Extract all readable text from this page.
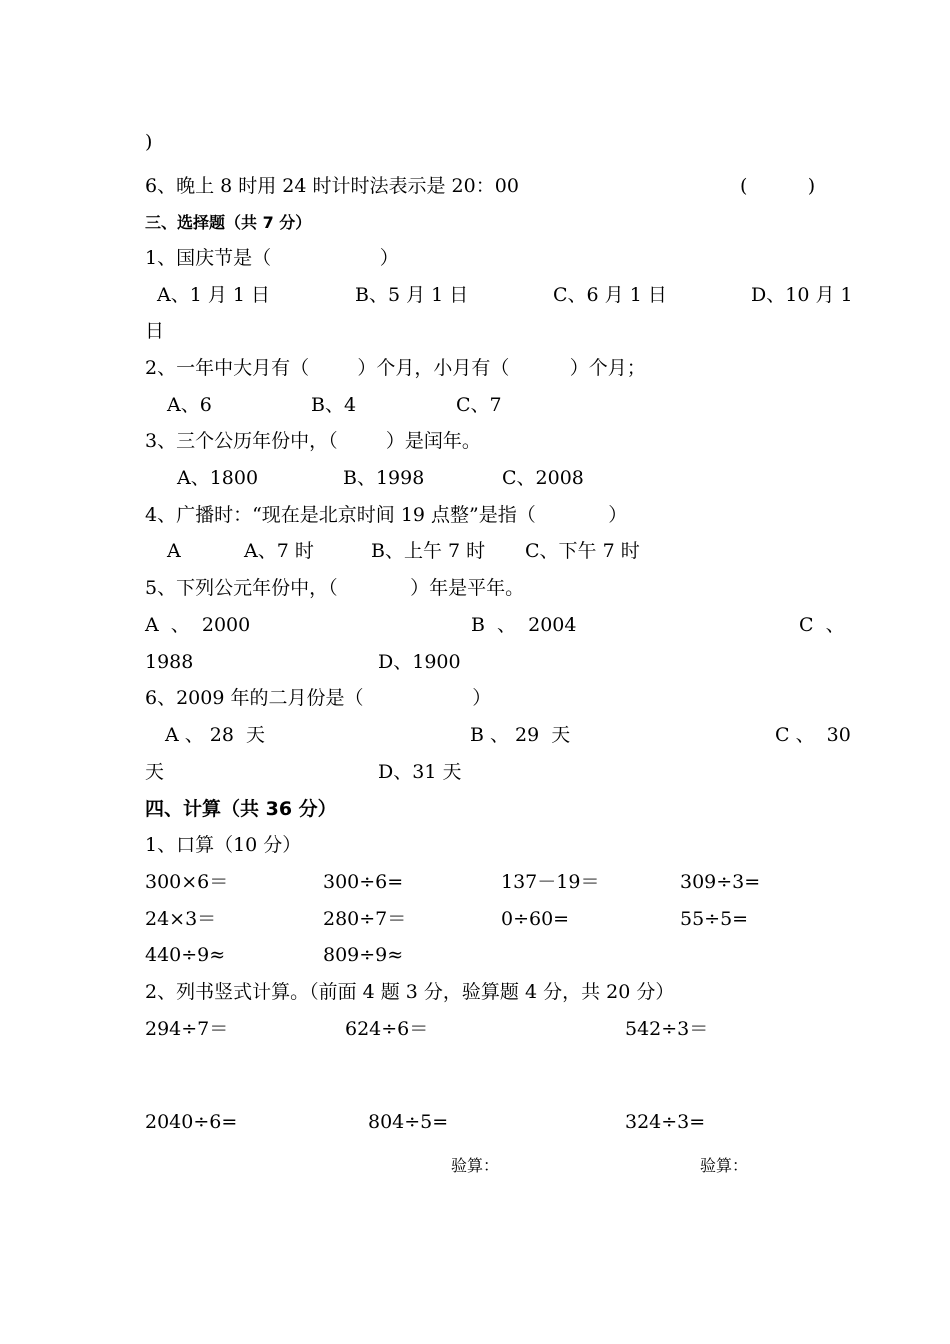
)
6、晚上 8 时用 24 时计时法表示是 20：00	(          )
三、选择题（共 7 分）
1、国庆节是（                  ）
A、1 月 1 日	B、5 月 1 日	C、6 月 1 日	D、10 月 1
日
2、一年中大月有（        ）个月，小月有（          ）个月；
A、6	B、4	C、7
3、三个公历年份中，（        ）是闰年。
A、1800	B、1998	C、2008
4、广播时：“现在是北京时间 19 点整”是指（            ）
A	A、7 时	B、上午 7 时 C、下午 7 时
5、下列公元年份中，（            ）年是平年。
A  、  2000	B  、  2004	C  、
1988	D、1900
6、2009 年的二月份是（                  ）
A 、 28  天	B 、 29  天	C 、  30
天	D、31 天
四、计算（共 36 分）
1、口算（10 分）
300×6＝	300÷6=	137－19＝	309÷3=
24×3＝	280÷7＝	0÷60=	55÷5=
440÷9≈	809÷9≈
2、列书竖式计算。（前面 4 题 3 分，验算题 4 分，共 20 分）
294÷7＝	624÷6＝	542÷3＝
2040÷6=	804÷5=	324÷3=
验算：	验算：
